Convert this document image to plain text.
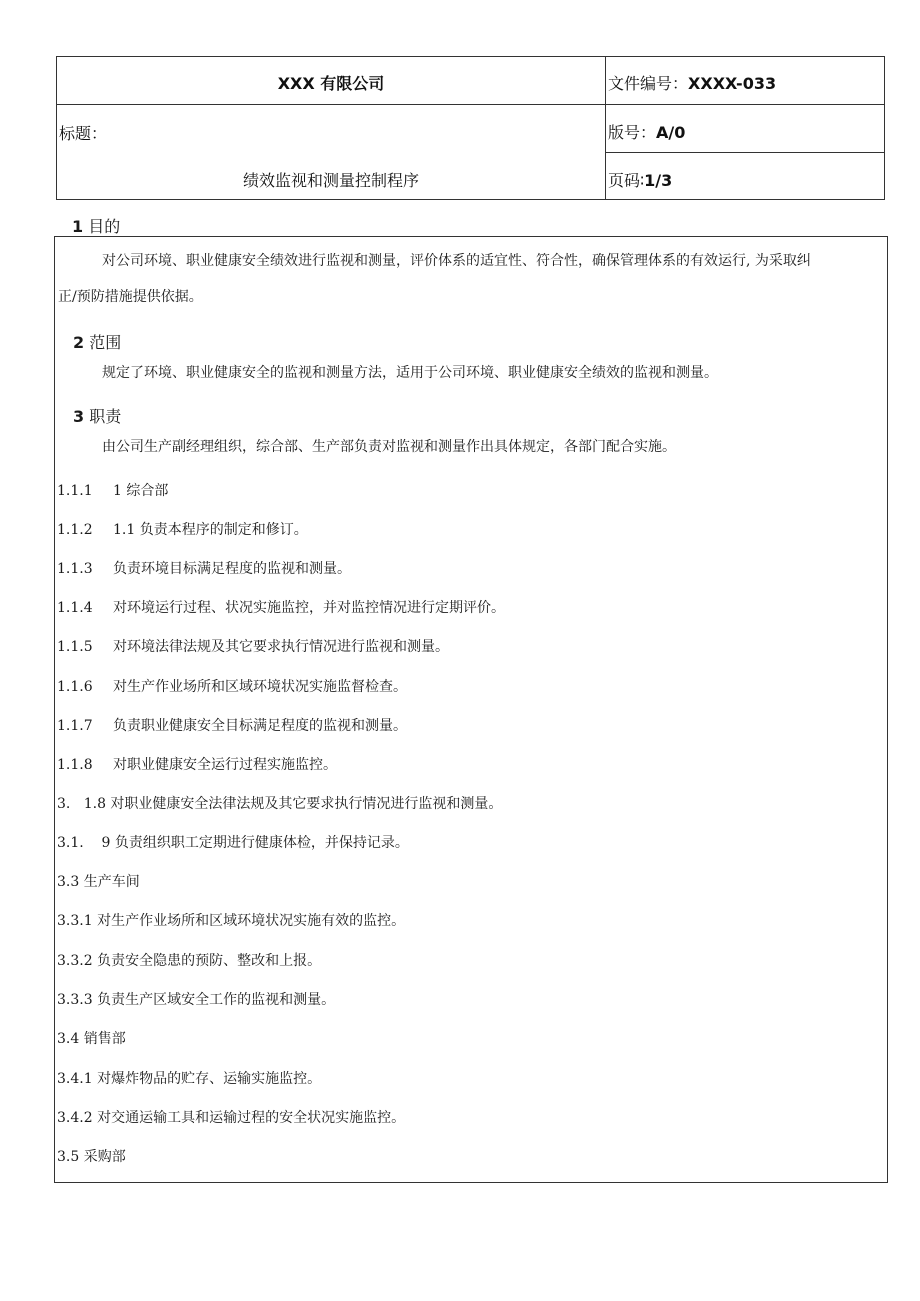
XXX 有限公司
标题：
绩效监视和测量控制程序
文件编号：XXXX-033
版号：A/0
页码∶1/3
1 目的
对公司环境、职业健康安全绩效进行监视和测量，评价体系的适宜性、符合性，确保管理体系的有效运行, 为采取纠
正/预防措施提供依据。
2 范围
规定了环境、职业健康安全的监视和测量方法，适用于公司环境、职业健康安全绩效的监视和测量。
3 职责
由公司生产副经理组织，综合部、生产部负责对监视和测量作出具体规定，各部门配合实施。
1.1.1 1 综合部
1.1.2 1.1 负责本程序的制定和修订。
1.1.3 负责环境目标满足程度的监视和测量。
1.1.4 对环境运行过程、状况实施监控，并对监控情况进行定期评价。
1.1.5 对环境法律法规及其它要求执行情况进行监视和测量。
1.1.6 对生产作业场所和区域环境状况实施监督检查。
1.1.7 负责职业健康安全目标满足程度的监视和测量。
1.1.8 对职业健康安全运行过程实施监控。
3.   1.8 对职业健康安全法律法规及其它要求执行情况进行监视和测量。
3.1.    9 负责组织职工定期进行健康体检，并保持记录。
3.3 生产车间
3.3.1 对生产作业场所和区域环境状况实施有效的监控。
3.3.2 负责安全隐患的预防、整改和上报。
3.3.3 负责生产区域安全工作的监视和测量。
3.4 销售部
3.4.1 对爆炸物品的贮存、运输实施监控。
3.4.2 对交通运输工具和运输过程的安全状况实施监控。
3.5 采购部
